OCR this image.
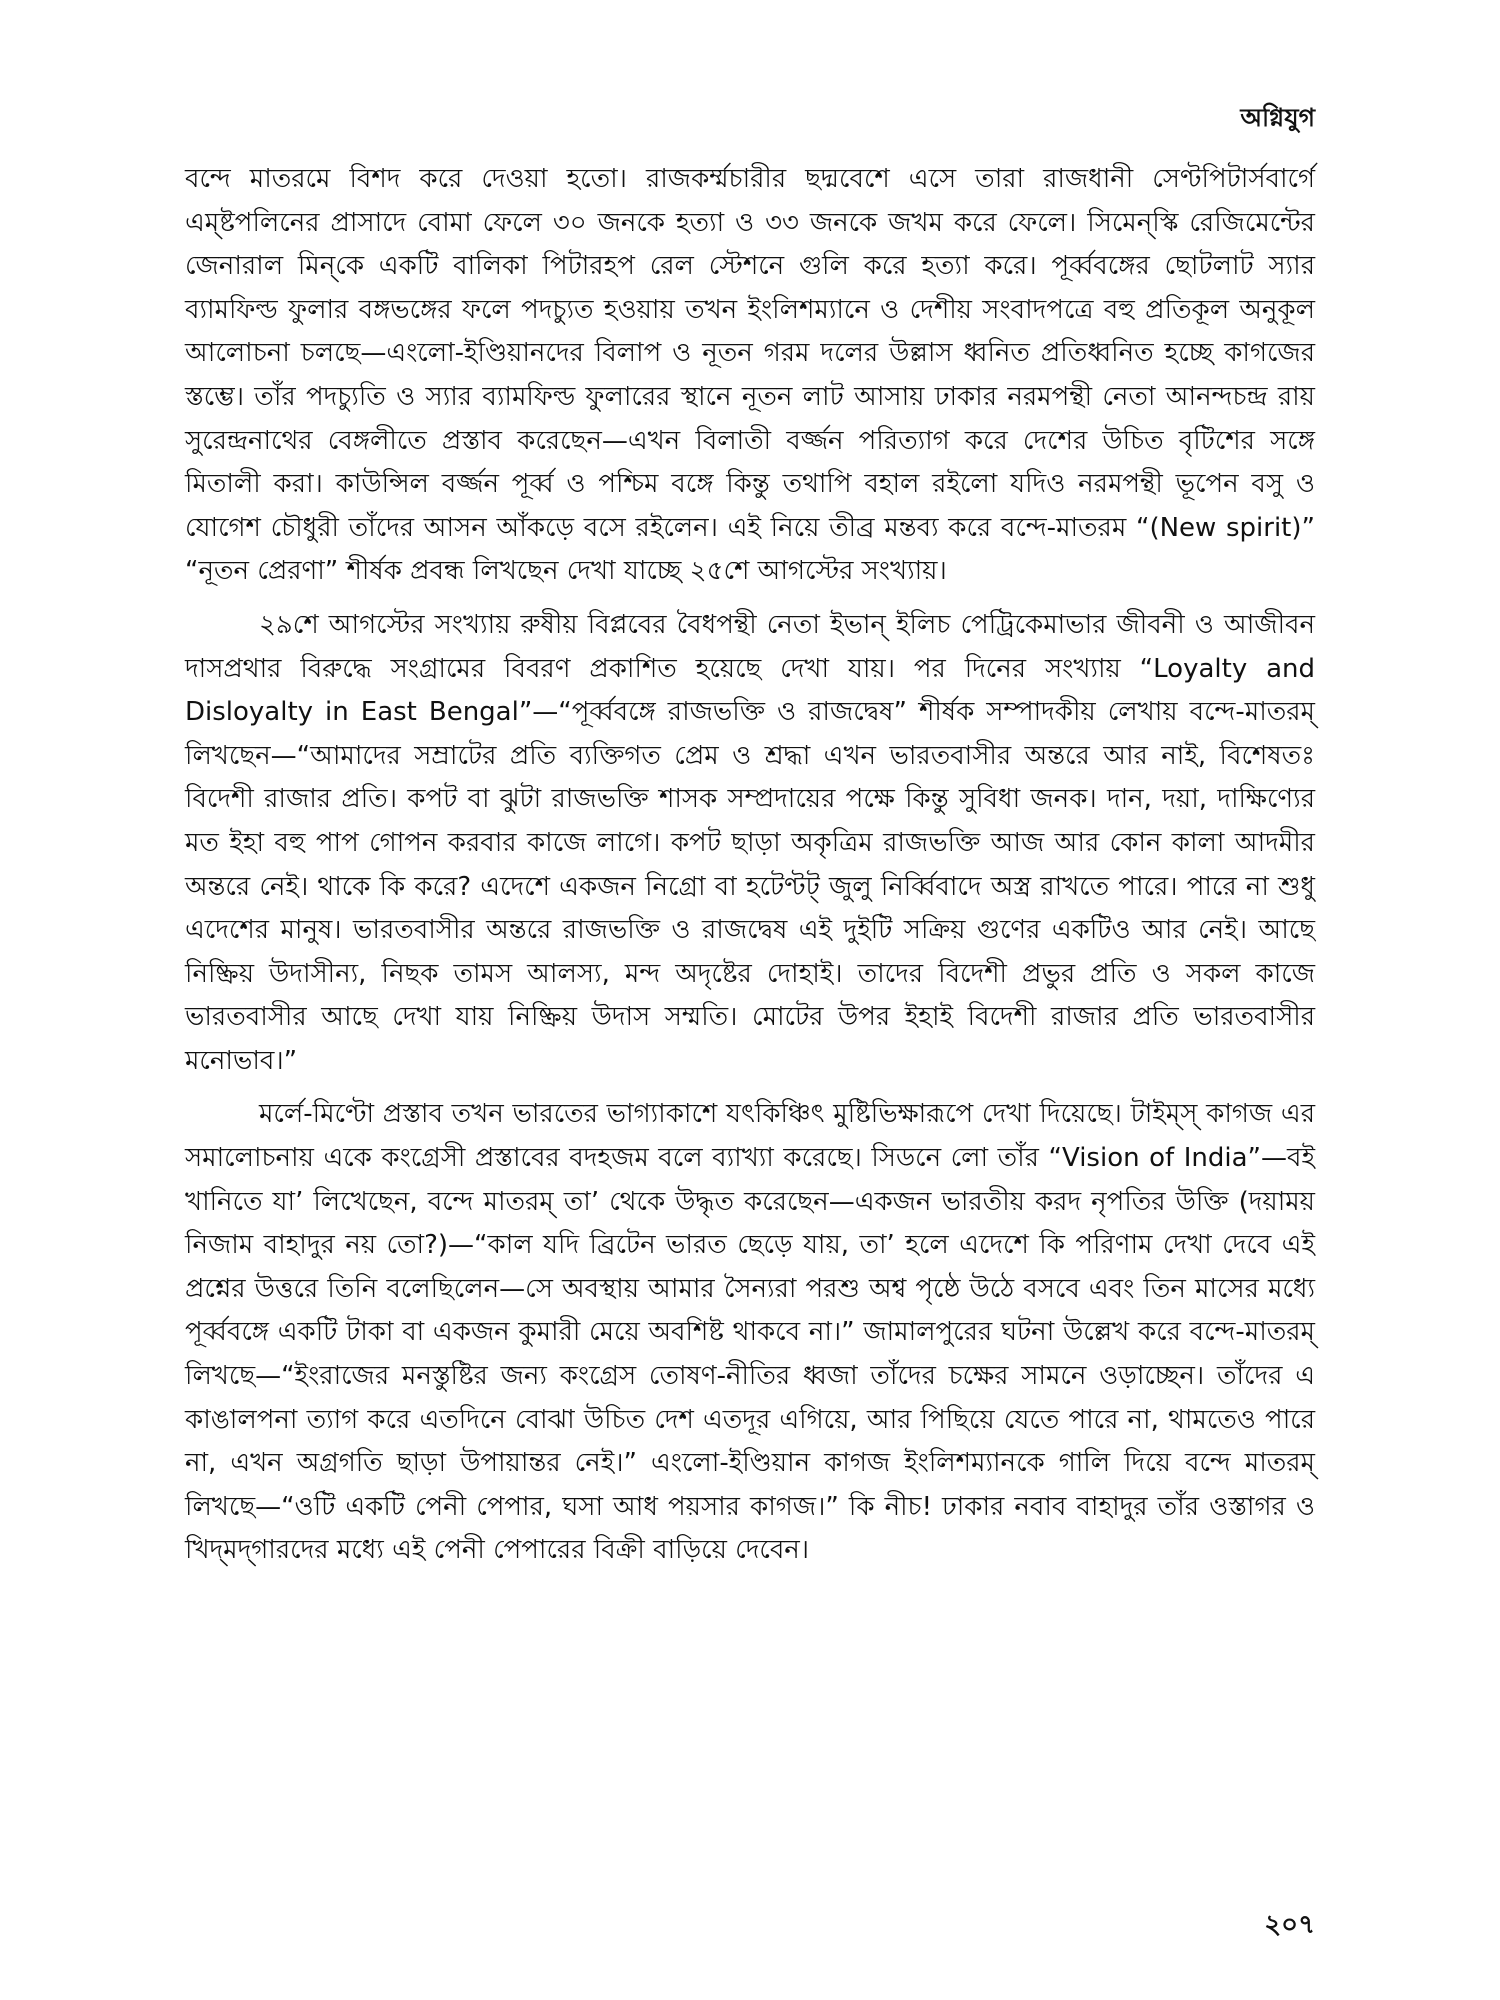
অগ্নিযুগ

বন্দে মাতরমে বিশদ করে দেওয়া হতো। রাজকর্ম্মচারীর ছদ্মবেশে এসে তারা রাজধানী সেণ্টপিটার্সবার্গে এম্‌ষ্টপলিনের প্রাসাদে বোমা ফেলে ৩০ জনকে হত্যা ও ৩৩ জনকে জখম করে ফেলে। সিমেন্‌স্কি রেজিমেন্টের জেনারাল মিন্‌কে একটি বালিকা পিটারহপ রেল স্টেশনে গুলি করে হত্যা করে। পূর্ব্ববঙ্গের ছোটলাট স্যার ব্যামফিল্ড ফুলার বঙ্গভঙ্গের ফলে পদচ্যুত হওয়ায় তখন ইংলিশম্যানে ও দেশীয় সংবাদপত্রে বহু প্রতিকূল অনুকূল আলোচনা চলছে—এংলো-ইণ্ডিয়ানদের বিলাপ ও নূতন গরম দলের উল্লাস ধ্বনিত প্রতিধ্বনিত হচ্ছে কাগজের স্তম্ভে। তাঁর পদচ্যুতি ও স্যার ব্যামফিল্ড ফুলারের স্থানে নূতন লাট আসায় ঢাকার নরমপন্থী নেতা আনন্দচন্দ্র রায় সুরেন্দ্রনাথের বেঙ্গলীতে প্রস্তাব করেছেন—এখন বিলাতী বর্জ্জন পরিত্যাগ করে দেশের উচিত বৃটিশের সঙ্গে মিতালী করা। কাউন্সিল বর্জ্জন পূর্ব্ব ও পশ্চিম বঙ্গে কিন্তু তথাপি বহাল রইলো যদিও নরমপন্থী ভূপেন বসু ও যোগেশ চৌধুরী তাঁদের আসন আঁকড়ে বসে রইলেন। এই নিয়ে তীব্র মন্তব্য করে বন্দে-মাতরম “(New spirit)” “নূতন প্রেরণা” শীর্ষক প্রবন্ধ লিখছেন দেখা যাচ্ছে ২৫শে আগস্টের সংখ্যায়।

২৯শে আগস্টের সংখ্যায় রুষীয় বিপ্লবের বৈধপন্থী নেতা ইভান্ ইলিচ পেট্রিকেমাভার জীবনী ও আজীবন দাসপ্রথার বিরুদ্ধে সংগ্রামের বিবরণ প্রকাশিত হয়েছে দেখা যায়। পর দিনের সংখ্যায় “Loyalty and Disloyalty in East Bengal”—“পূর্ব্ববঙ্গে রাজভক্তি ও রাজদ্বেষ” শীর্ষক সম্পাদকীয় লেখায় বন্দে-মাতরম্ লিখছেন—“আমাদের সম্রাটের প্রতি ব্যক্তিগত প্রেম ও শ্রদ্ধা এখন ভারতবাসীর অন্তরে আর নাই, বিশেষতঃ বিদেশী রাজার প্রতি। কপট বা ঝুটা রাজভক্তি শাসক সম্প্রদায়ের পক্ষে কিন্তু সুবিধা জনক। দান, দয়া, দাক্ষিণ্যের মত ইহা বহু পাপ গোপন করবার কাজে লাগে। কপট ছাড়া অকৃত্রিম রাজভক্তি আজ আর কোন কালা আদমীর অন্তরে নেই। থাকে কি করে? এদেশে একজন নিগ্রো বা হটেণ্টট্ জুলু নির্ব্বিবাদে অস্ত্র রাখতে পারে। পারে না শুধু এদেশের মানুষ। ভারতবাসীর অন্তরে রাজভক্তি ও রাজদ্বেষ এই দুইটি সক্রিয় গুণের একটিও আর নেই। আছে নিষ্ক্রিয় উদাসীন্য, নিছক তামস আলস্য, মন্দ অদৃষ্টের দোহাই। তাদের বিদেশী প্রভুর প্রতি ও সকল কাজে ভারতবাসীর আছে দেখা যায় নিষ্ক্রিয় উদাস সম্মতি। মোটের উপর ইহাই বিদেশী রাজার প্রতি ভারতবাসীর মনোভাব।”

মর্লে-মিণ্টো প্রস্তাব তখন ভারতের ভাগ্যাকাশে যৎকিঞ্চিৎ মুষ্টিভিক্ষারূপে দেখা দিয়েছে। টাইম্‌স্ কাগজ এর সমালোচনায় একে কংগ্রেসী প্রস্তাবের বদহজম বলে ব্যাখ্যা করেছে। সিডনে লো তাঁর “Vision of India”—বই খানিতে যা’ লিখেছেন, বন্দে মাতরম্ তা’ থেকে উদ্ধৃত করেছেন—একজন ভারতীয় করদ নৃপতির উক্তি (দয়াময় নিজাম বাহাদুর নয় তো?)—“কাল যদি ব্রিটেন ভারত ছেড়ে যায়, তা’ হলে এদেশে কি পরিণাম দেখা দেবে এই প্রশ্নের উত্তরে তিনি বলেছিলেন—সে অবস্থায় আমার সৈন্যরা পরশু অশ্ব পৃষ্ঠে উঠে বসবে এবং তিন মাসের মধ্যে পূর্ব্ববঙ্গে একটি টাকা বা একজন কুমারী মেয়ে অবশিষ্ট থাকবে না।” জামালপুরের ঘটনা উল্লেখ করে বন্দে-মাতরম্ লিখছে—“ইংরাজের মনস্তুষ্টির জন্য কংগ্রেস তোষণ-নীতির ধ্বজা তাঁদের চক্ষের সামনে ওড়াচ্ছেন। তাঁদের এ কাঙালপনা ত্যাগ করে এতদিনে বোঝা উচিত দেশ এতদূর এগিয়ে, আর পিছিয়ে যেতে পারে না, থামতেও পারে না, এখন অগ্রগতি ছাড়া উপায়ান্তর নেই।” এংলো-ইণ্ডিয়ান কাগজ ইংলিশম্যানকে গালি দিয়ে বন্দে মাতরম্ লিখছে—“ওটি একটি পেনী পেপার, ঘসা আধ পয়সার কাগজ।” কি নীচ! ঢাকার নবাব বাহাদুর তাঁর ওস্তাগর ও খিদ্‌মদ্‌গারদের মধ্যে এই পেনী পেপারের বিক্রী বাড়িয়ে দেবেন।

২০৭
